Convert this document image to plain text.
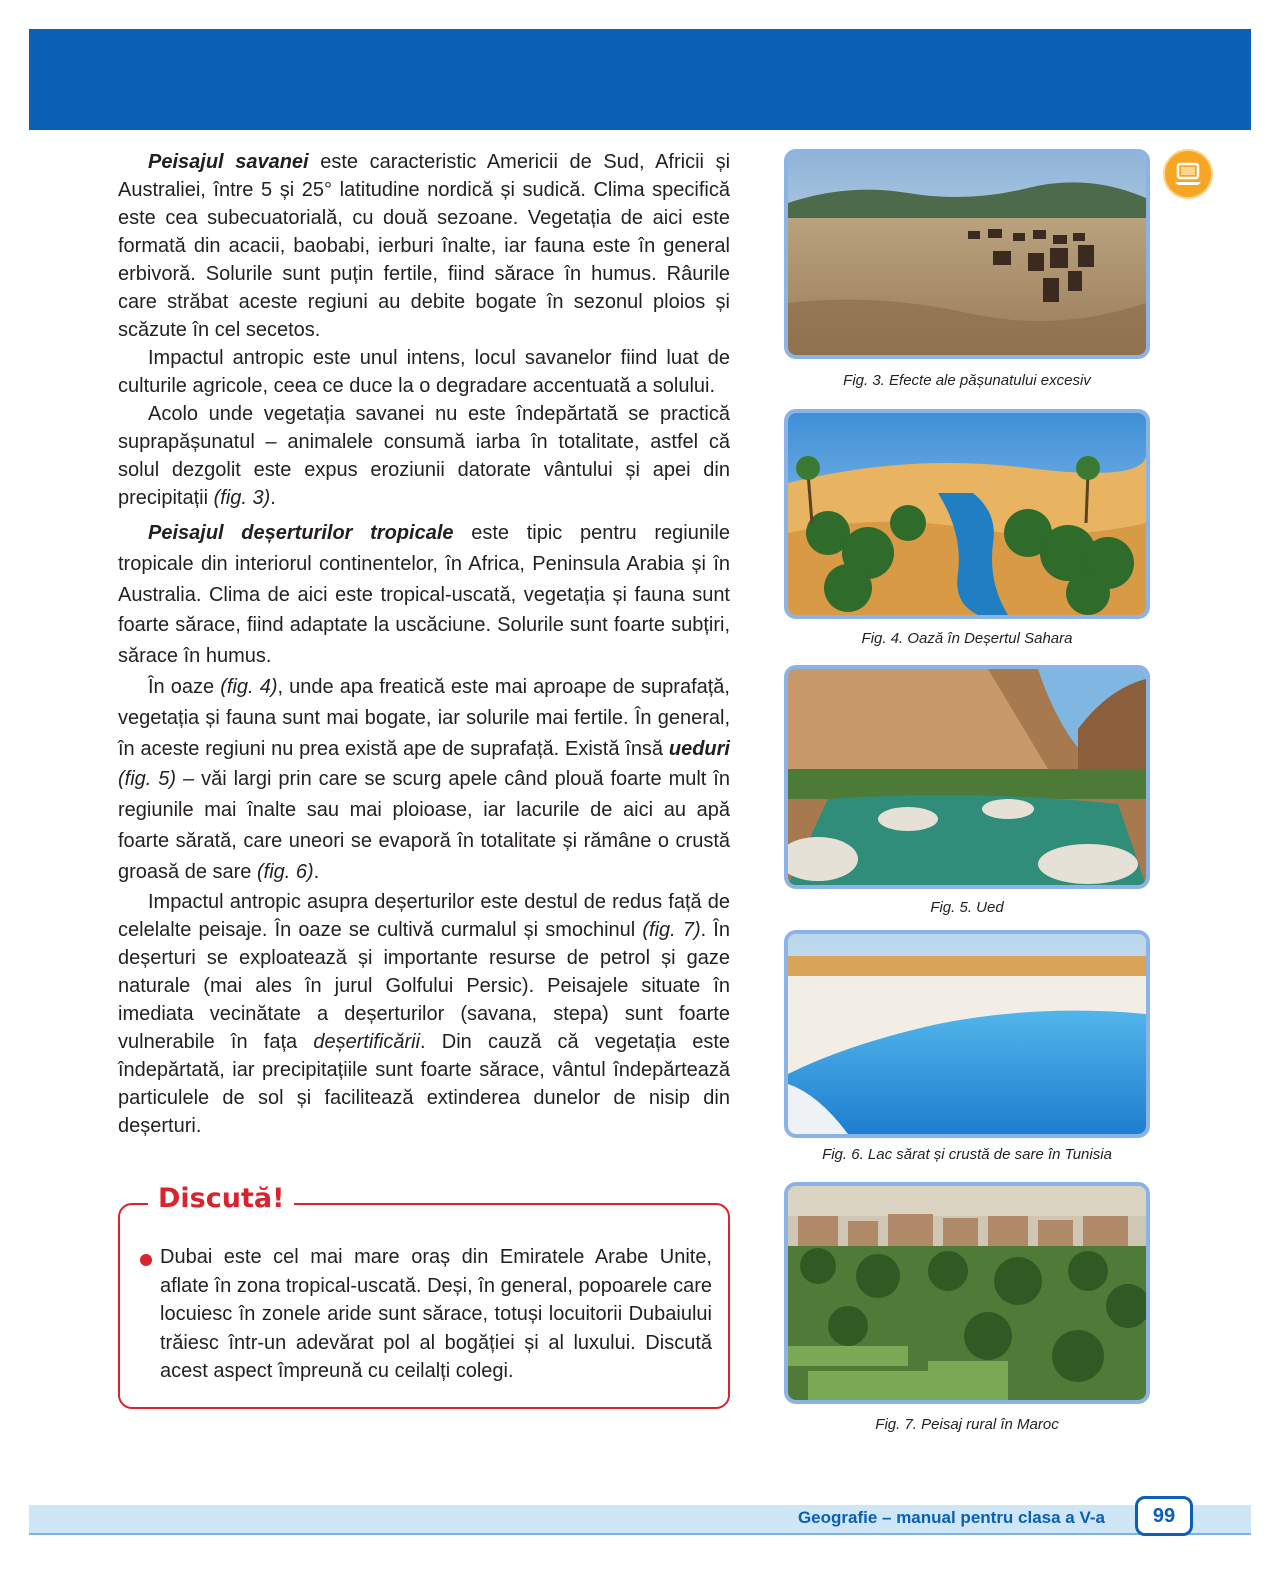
Peisajul savanei este caracteristic Americii de Sud, Africii și Australiei, între 5 și 25° latitudine nordică și sudică. Clima specifică este cea subecuatorială, cu două sezoane. Vegetația de aici este formată din acacii, baobabi, ierburi înalte, iar fauna este în general erbivoră. Solurile sunt puțin fertile, fiind sărace în humus. Râurile care străbat aceste regiuni au debite bogate în sezonul ploios și scăzute în cel secetos.

Impactul antropic este unul intens, locul savanelor fiind luat de culturile agricole, ceea ce duce la o degradare accentuată a solului.

Acolo unde vegetația savanei nu este îndepărtată se practică suprapășunatul – animalele consumă iarba în totalitate, astfel că solul dezgolit este expus eroziunii datorate vântului și apei din precipitații (fig. 3).

Peisajul deșerturilor tropicale este tipic pentru regiunile tropicale din interiorul continentelor, în Africa, Peninsula Arabia și în Australia. Clima de aici este tropical-uscată, vegetația și fauna sunt foarte sărace, fiind adaptate la uscăciune. Solurile sunt foarte subțiri, sărace în humus.

În oaze (fig. 4), unde apa freatică este mai aproape de suprafață, vegetația și fauna sunt mai bogate, iar solurile mai fertile. În general, în aceste regiuni nu prea există ape de suprafață. Există însă ueduri (fig. 5) – văi largi prin care se scurg apele când plouă foarte mult în regiunile mai înalte sau mai ploioase, iar lacurile de aici au apă foarte sărată, care uneori se evaporă în totalitate și rămâne o crustă groasă de sare (fig. 6).

Impactul antropic asupra deșerturilor este destul de redus față de celelalte peisaje. În oaze se cultivă curmalul și smochinul (fig. 7). În deșerturi se exploatează și importante resurse de petrol și gaze naturale (mai ales în jurul Golfului Persic). Peisajele situate în imediata vecinătate a deșerturilor (savana, stepa) sunt foarte vulnerabile în fața deșertificării. Din cauză că vegetația este îndepărtată, iar precipitațiile sunt foarte sărace, vântul îndepărtează particulele de sol și facilitează extinderea dunelor de nisip din deșerturi.

Discută!

Dubai este cel mai mare oraș din Emiratele Arabe Unite, aflate în zona tropical-uscată. Deși, în general, popoarele care locuiesc în zonele aride sunt sărace, totuși locuitorii Dubaiului trăiesc într-un adevărat pol al bogăției și al luxului. Discută acest aspect împreună cu ceilalți colegi.

Fig. 3. Efecte ale pășunatului excesiv
Fig. 4. Oază în Deșertul Sahara
Fig. 5. Ued
Fig. 6. Lac sărat și crustă de sare în Tunisia
Fig. 7. Peisaj rural în Maroc
Geografie – manual pentru clasa a V-a	99
